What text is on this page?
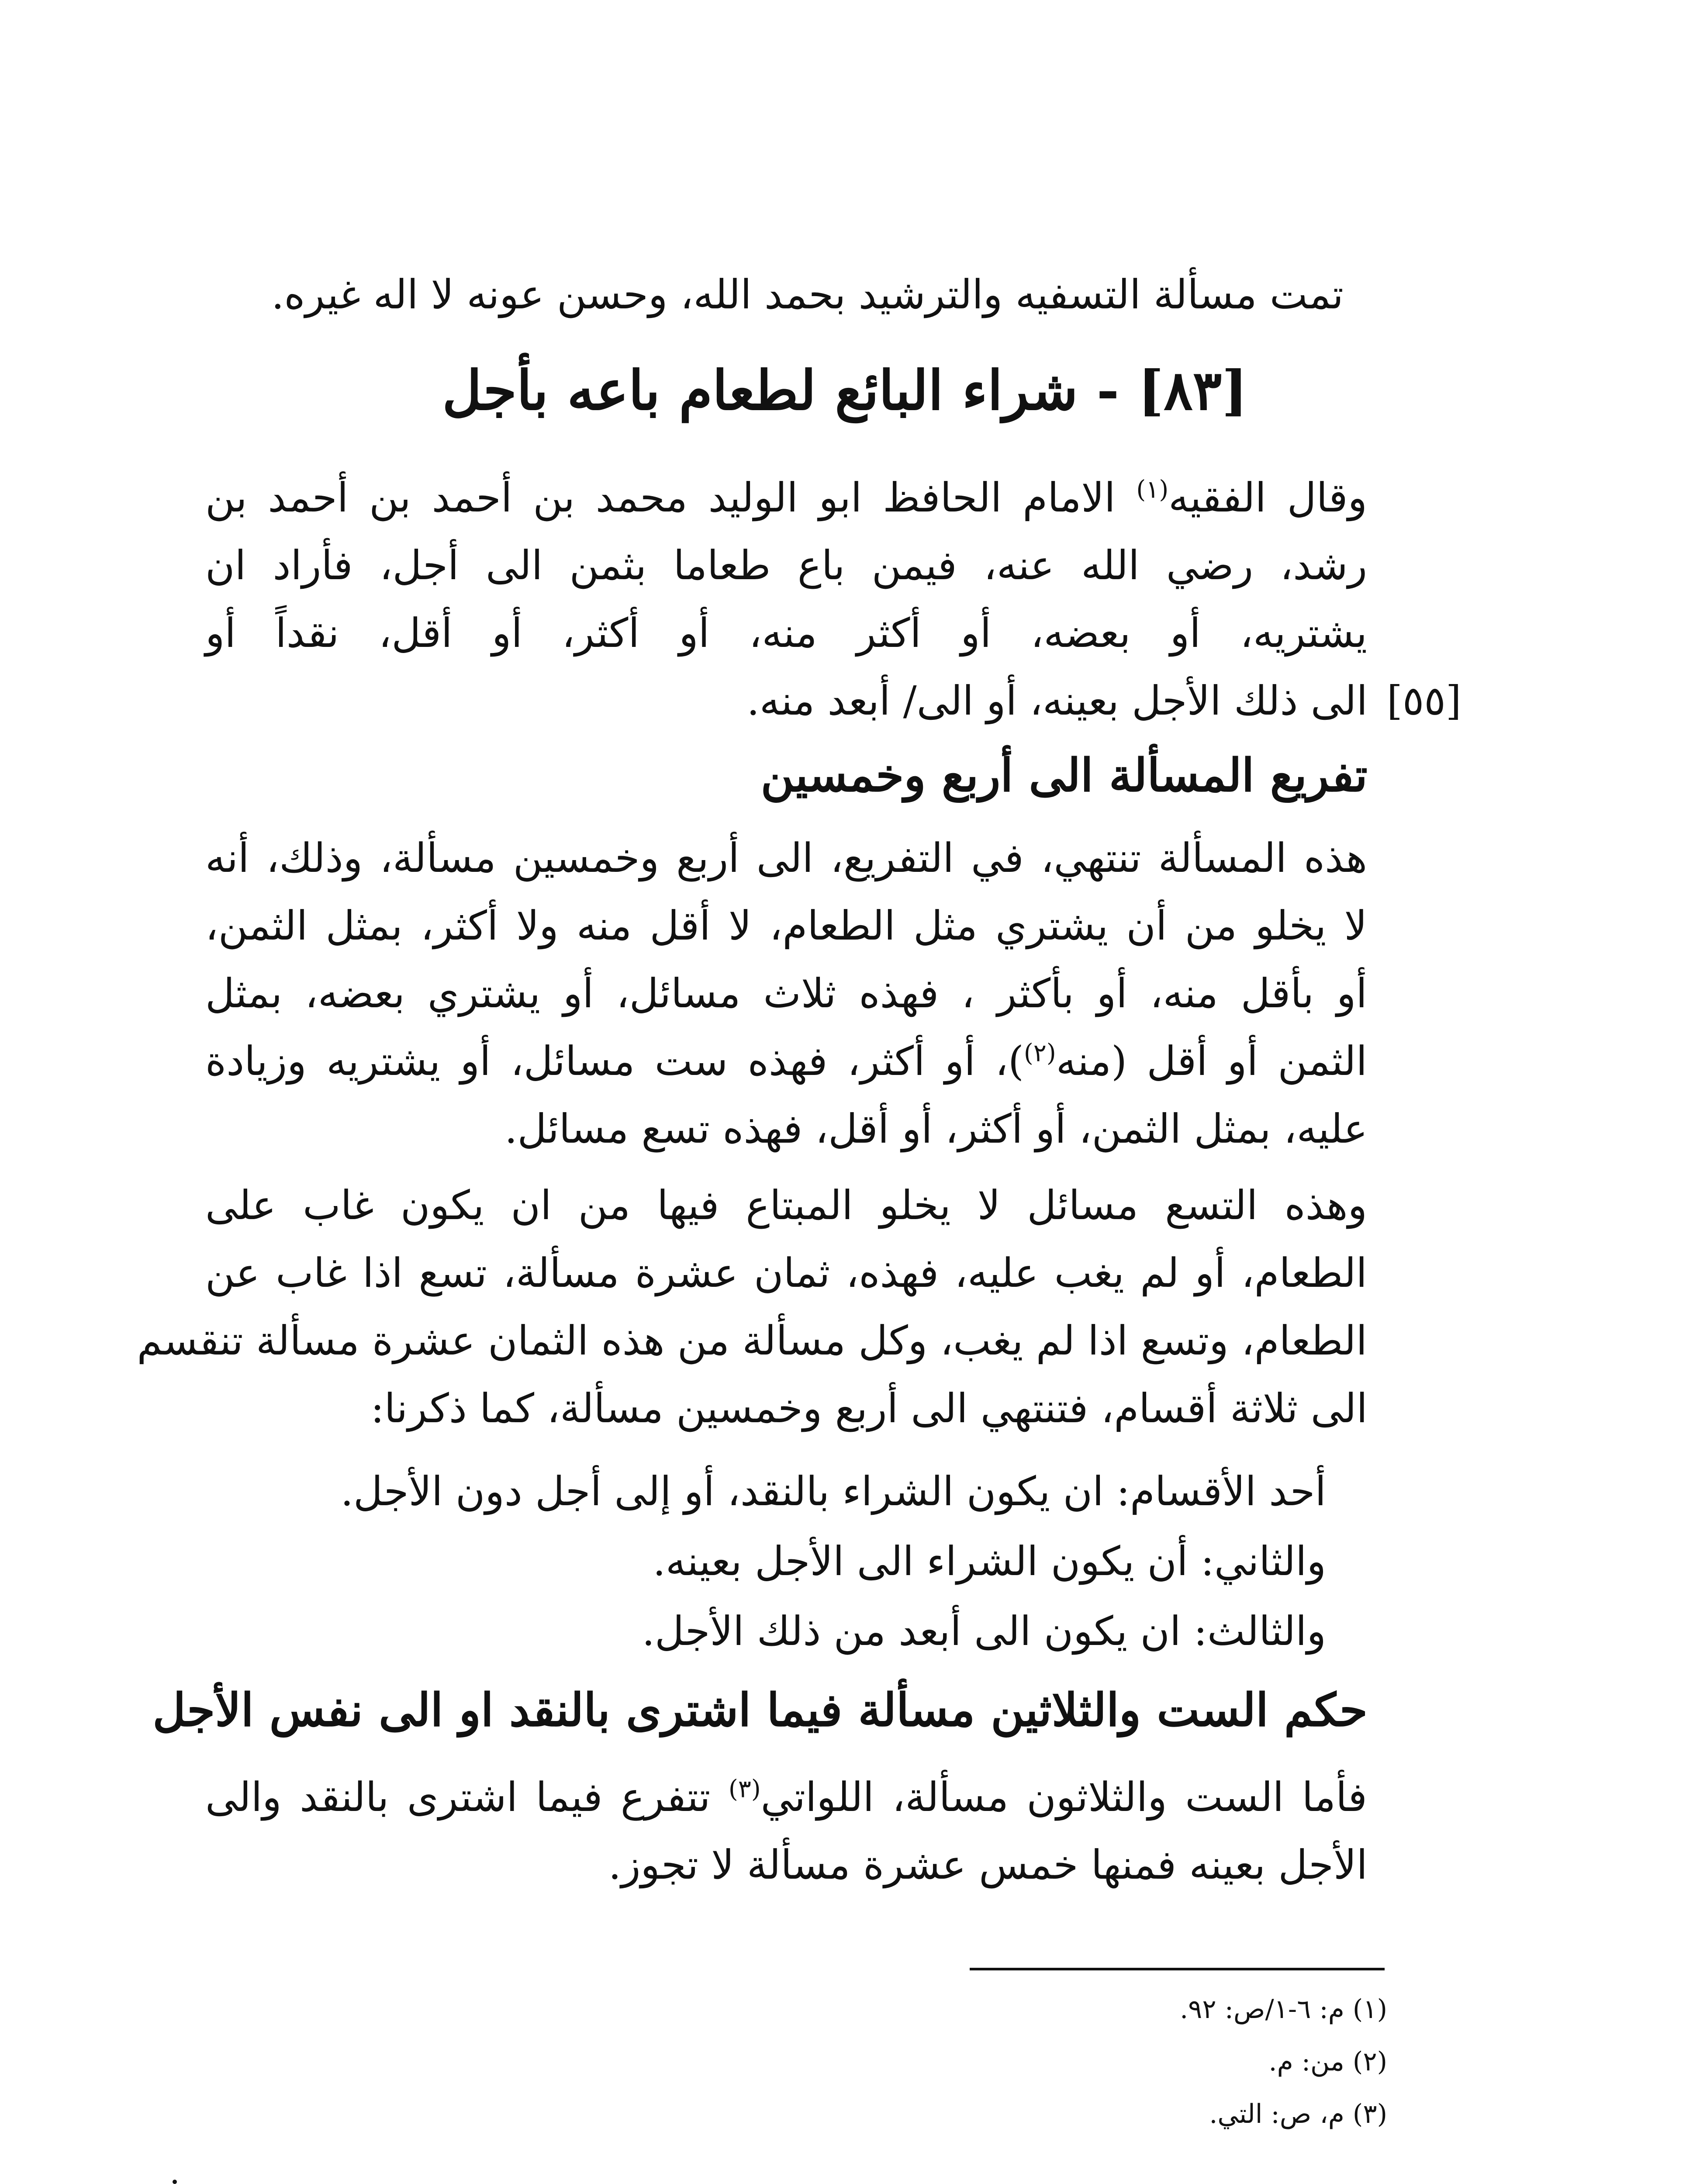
تمت مسألة التسفيه والترشيد بحمد الله، وحسن عونه لا اله غيره.
[٨٣] - شراء البائع لطعام باعه بأجل
وقال الفقيه$^{(١)}$ الامام الحافظ ابو الوليد محمد بن أحمد بن أحمد بن
رشد، رضي الله عنه، فيمن باع طعاما بثمن الى أجل، فأراد ان
يشتريه، أو بعضه، أو أكثر منه، أو أكثر، أو أقل، نقداً أو
الى ذلك الأجل بعينه، أو الى/ أبعد منه. [٥٥]
تفريع المسألة الى أربع وخمسين
هذه المسألة تنتهي، في التفريع، الى أربع وخمسين مسألة، وذلك، أنه
لا يخلو من أن يشتري مثل الطعام، لا أقل منه ولا أكثر، بمثل الثمن،
أو بأقل منه، أو بأكثر ، فهذه ثلاث مسائل، أو يشتري بعضه، بمثل
الثمن أو أقل (منه$^{(٢)}$)، أو أكثر، فهذه ست مسائل، أو يشتريه وزيادة
عليه، بمثل الثمن، أو أكثر، أو أقل، فهذه تسع مسائل.
وهذه التسع مسائل لا يخلو المبتاع فيها من ان يكون غاب على
الطعام، أو لم يغب عليه، فهذه، ثمان عشرة مسألة، تسع اذا غاب عن
الطعام، وتسع اذا لم يغب، وكل مسألة من هذه الثمان عشرة مسألة تنقسم
الى ثلاثة أقسام، فتنتهي الى أربع وخمسين مسألة، كما ذكرنا:
أحد الأقسام: ان يكون الشراء بالنقد، أو إلى أجل دون الأجل.
والثاني: أن يكون الشراء الى الأجل بعينه.
والثالث: ان يكون الى أبعد من ذلك الأجل.
حكم الست والثلاثين مسألة فيما اشترى بالنقد او الى نفس الأجل
فأما الست والثلاثون مسألة، اللواتي$^{(٣)}$ تتفرع فيما اشترى بالنقد والى
الأجل بعينه فمنها خمس عشرة مسألة لا تجوز.
(١) م: ٦-١/ص: ٩٢.
(٢) من: م.
(٣) م، ص: التي.
